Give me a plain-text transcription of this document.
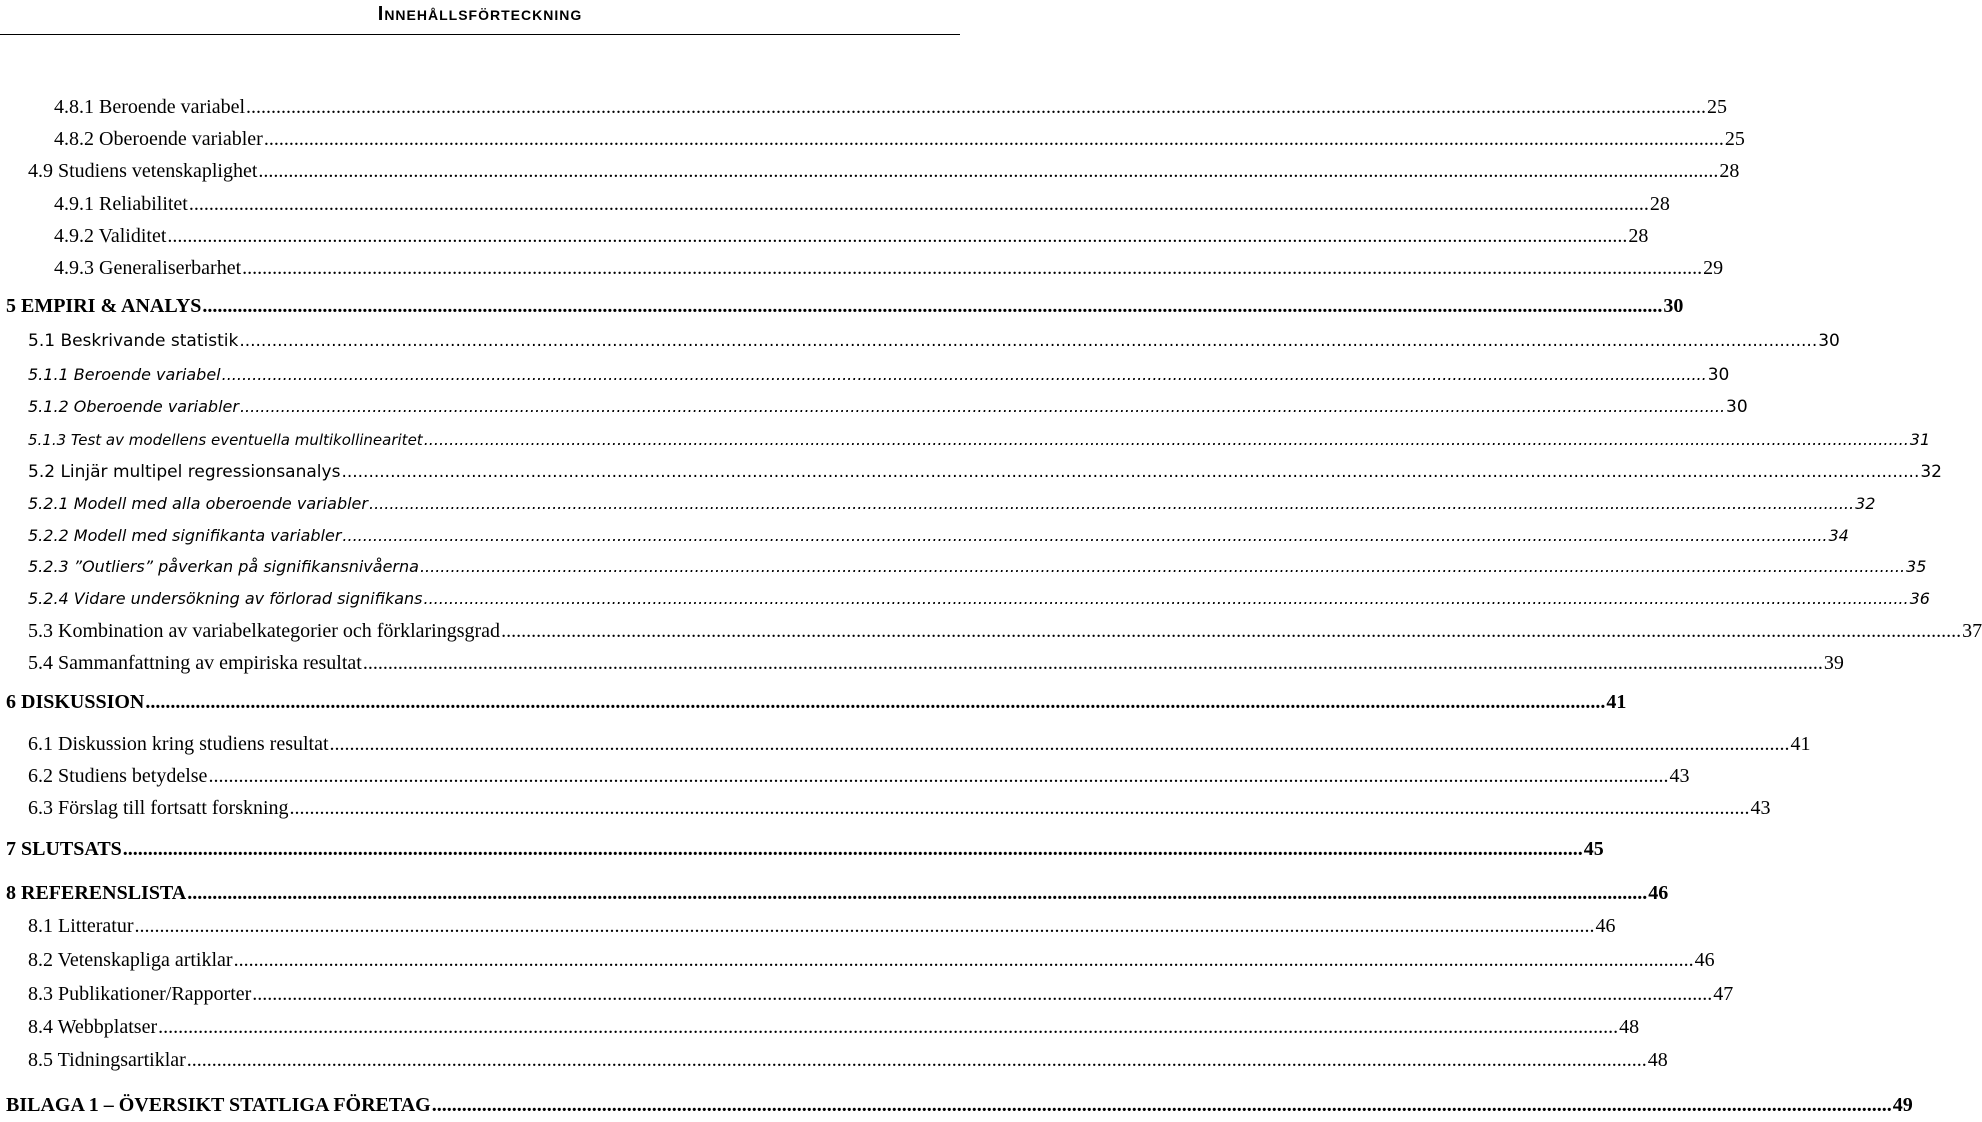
Innehållsförteckning
4.8.1 Beroende variabel .....	25
4.8.2 Oberoende variabler .....	25
4.9 Studiens vetenskaplighet .....	28
4.9.1 Reliabilitet .....	28
4.9.2 Validitet .....	28
4.9.3 Generaliserbarhet .....	29
5 EMPIRI & ANALYS .....	30
5.1 Beskrivande statistik .....	30
5.1.1 Beroende variabel .....	30
5.1.2 Oberoende variabler .....	30
5.1.3 Test av modellens eventuella multikollinearitet .....	31
5.2 Linjär multipel regressionsanalys .....	32
5.2.1 Modell med alla oberoende variabler .....	32
5.2.2 Modell med signifikanta variabler .....	34
5.2.3 ”Outliers” påverkan på signifikansnivåerna .....	35
5.2.4 Vidare undersökning av förlorad signifikans .....	36
5.3 Kombination av variabelkategorier och förklaringsgrad .....	37
5.4 Sammanfattning av empiriska resultat .....	39
6 DISKUSSION .....	41
6.1 Diskussion kring studiens resultat .....	41
6.2 Studiens betydelse .....	43
6.3 Förslag till fortsatt forskning .....	43
7 SLUTSATS .....	45
8 REFERENSLISTA .....	46
8.1 Litteratur .....	46
8.2 Vetenskapliga artiklar .....	46
8.3 Publikationer/Rapporter .....	47
8.4 Webbplatser .....	48
8.5 Tidningsartiklar .....	48
BILAGA 1 – ÖVERSIKT STATLIGA FÖRETAG .....	49
